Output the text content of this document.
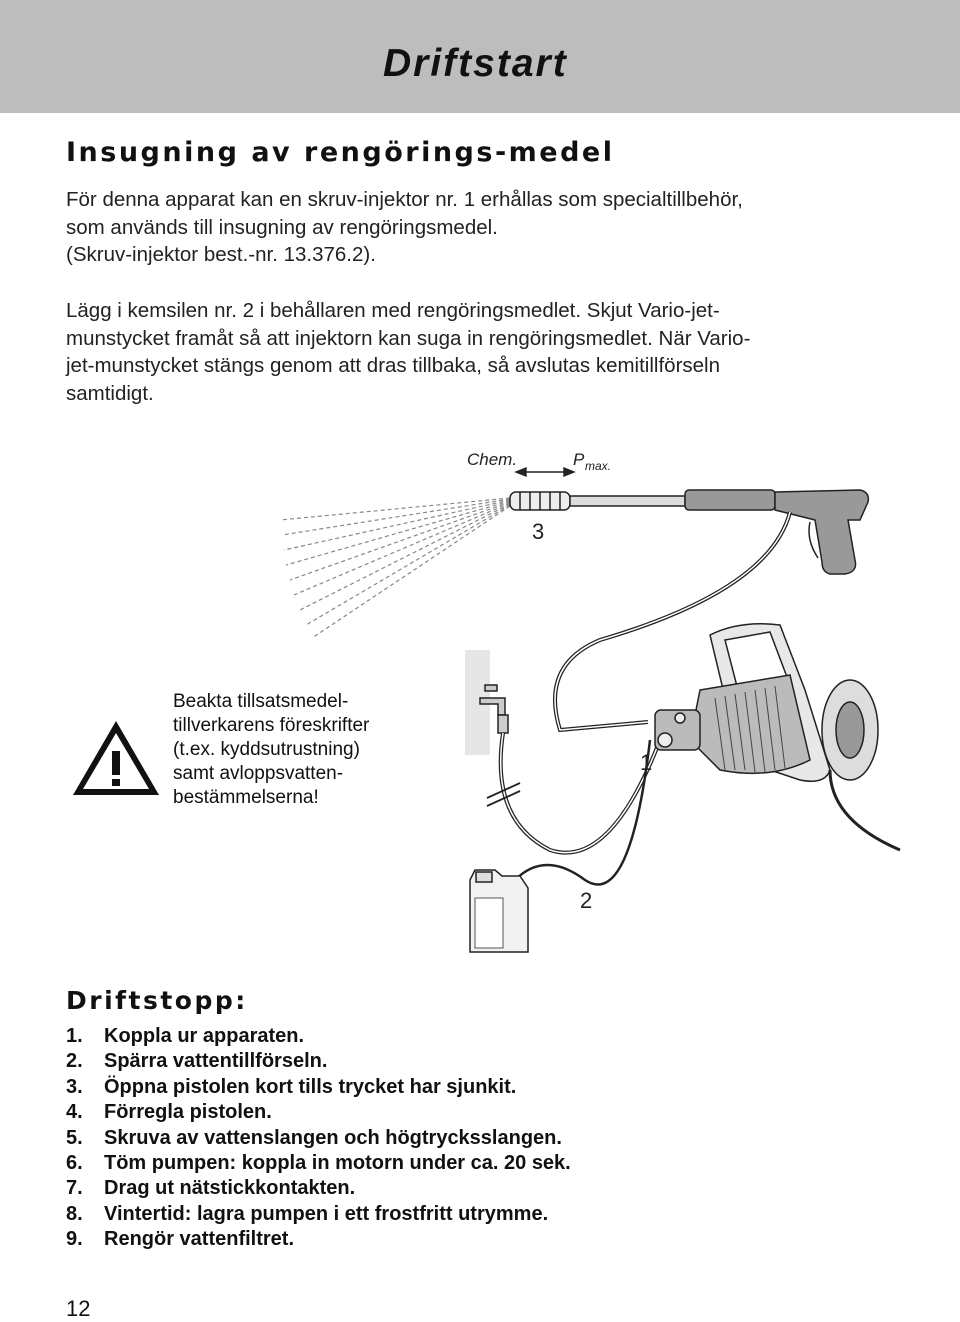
Driftstart
Insugning av rengörings-medel

För denna apparat kan en skruv-injektor nr. 1 erhållas som specialtillbehör,
som används till insugning av rengöringsmedel.
(Skruv-injektor best.-nr. 13.376.2).

Lägg i kemsilen nr. 2 i behållaren med rengöringsmedlet. Skjut Vario-jet-
munstycket framåt så att injektorn kan suga in rengöringsmedlet. När Vario-
jet-munstycket stängs genom att dras tillbaka, så avslutas kemitillförseln
samtidigt.

Chem.	P max.
3
1
2

Beakta tillsatsmedel-
tillverkarens föreskrifter
(t.ex. kyddsutrustning)
samt avloppsvatten-
bestämmelserna!

Driftstopp:
1. Koppla ur apparaten.
2. Spärra vattentillförseln.
3. Öppna pistolen kort tills trycket har sjunkit.
4. Förregla pistolen.
5. Skruva av vattenslangen och högtrycksslangen.
6. Töm pumpen: koppla in motorn under ca. 20 sek.
7. Drag ut nätstickkontakten.
8. Vintertid: lagra pumpen i ett frostfritt utrymme.
9. Rengör vattenfiltret.
12
